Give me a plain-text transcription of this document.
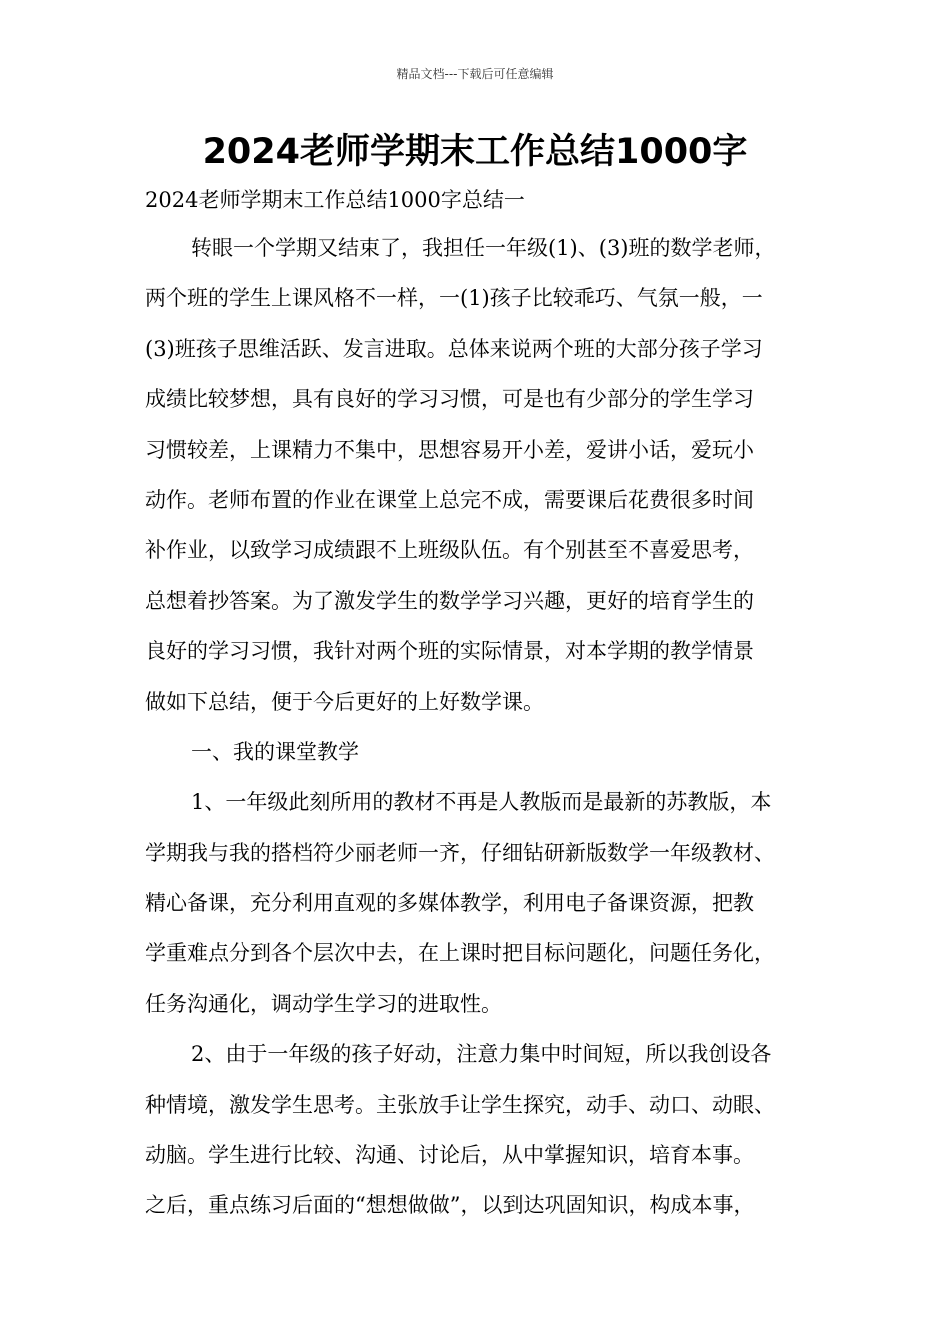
精品文档---下载后可任意编辑
2024老师学期末工作总结1000字
2024老师学期末工作总结1000字总结一
转眼一个学期又结束了，我担任一年级(1)、(3)班的数学老师，
两个班的学生上课风格不一样，一(1)孩子比较乖巧、气氛一般，一
(3)班孩子思维活跃、发言进取。总体来说两个班的大部分孩子学习
成绩比较梦想，具有良好的学习习惯，可是也有少部分的学生学习
习惯较差，上课精力不集中，思想容易开小差，爱讲小话，爱玩小
动作。老师布置的作业在课堂上总完不成，需要课后花费很多时间
补作业，以致学习成绩跟不上班级队伍。有个别甚至不喜爱思考，
总想着抄答案。为了激发学生的数学学习兴趣，更好的培育学生的
良好的学习习惯，我针对两个班的实际情景，对本学期的教学情景
做如下总结，便于今后更好的上好数学课。
一、我的课堂教学
1、一年级此刻所用的教材不再是人教版而是最新的苏教版，本
学期我与我的搭档符少丽老师一齐，仔细钻研新版数学一年级教材、
精心备课，充分利用直观的多媒体教学，利用电子备课资源，把教
学重难点分到各个层次中去，在上课时把目标问题化，问题任务化，
任务沟通化，调动学生学习的进取性。
2、由于一年级的孩子好动，注意力集中时间短，所以我创设各
种情境，激发学生思考。主张放手让学生探究，动手、动口、动眼、
动脑。学生进行比较、沟通、讨论后，从中掌握知识，培育本事。
之后，重点练习后面的“想想做做”，以到达巩固知识，构成本事，
